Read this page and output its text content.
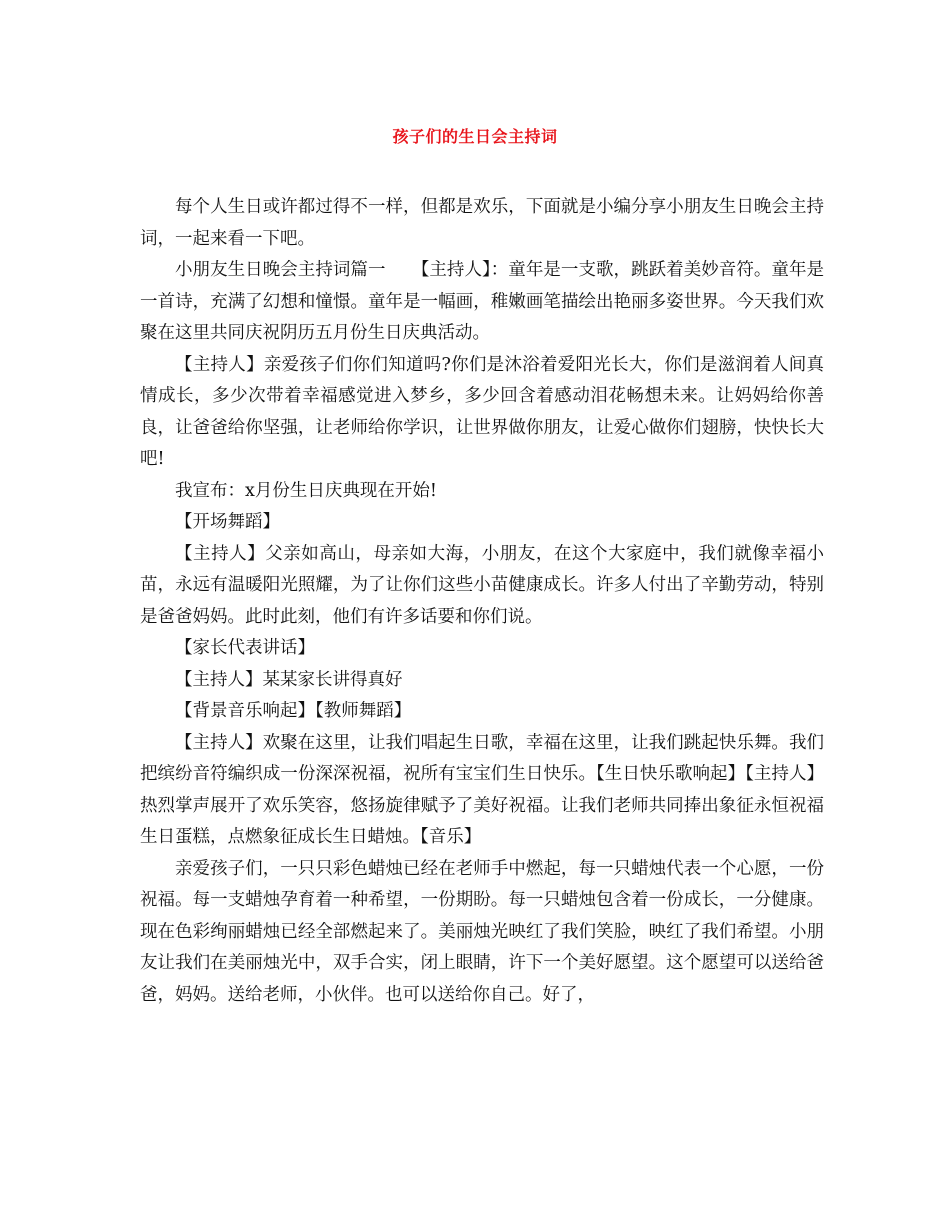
孩子们的生日会主持词

每个人生日或许都过得不一样，但都是欢乐，下面就是小编分享小朋友生日晚会主持词，一起来看一下吧。

小朋友生日晚会主持词篇一　　【主持人】：童年是一支歌，跳跃着美妙音符。童年是一首诗，充满了幻想和憧憬。童年是一幅画，稚嫩画笔描绘出艳丽多姿世界。今天我们欢聚在这里共同庆祝阴历五月份生日庆典活动。

【主持人】亲爱孩子们你们知道吗?你们是沐浴着爱阳光长大，你们是滋润着人间真情成长，多少次带着幸福感觉进入梦乡，多少回含着感动泪花畅想未来。让妈妈给你善良，让爸爸给你坚强，让老师给你学识，让世界做你朋友，让爱心做你们翅膀，快快长大吧!

我宣布：x月份生日庆典现在开始!

【开场舞蹈】

【主持人】父亲如高山，母亲如大海，小朋友，在这个大家庭中，我们就像幸福小苗，永远有温暖阳光照耀，为了让你们这些小苗健康成长。许多人付出了辛勤劳动，特别是爸爸妈妈。此时此刻，他们有许多话要和你们说。

【家长代表讲话】

【主持人】某某家长讲得真好

【背景音乐响起】【教师舞蹈】

【主持人】欢聚在这里，让我们唱起生日歌，幸福在这里，让我们跳起快乐舞。我们把缤纷音符编织成一份深深祝福，祝所有宝宝们生日快乐。【生日快乐歌响起】【主持人】热烈掌声展开了欢乐笑容，悠扬旋律赋予了美好祝福。让我们老师共同捧出象征永恒祝福生日蛋糕，点燃象征成长生日蜡烛。【音乐】

亲爱孩子们，一只只彩色蜡烛已经在老师手中燃起，每一只蜡烛代表一个心愿，一份祝福。每一支蜡烛孕育着一种希望，一份期盼。每一只蜡烛包含着一份成长，一分健康。现在色彩绚丽蜡烛已经全部燃起来了。美丽烛光映红了我们笑脸，映红了我们希望。小朋友让我们在美丽烛光中，双手合实，闭上眼睛，许下一个美好愿望。这个愿望可以送给爸爸，妈妈。送给老师，小伙伴。也可以送给你自己。好了，
